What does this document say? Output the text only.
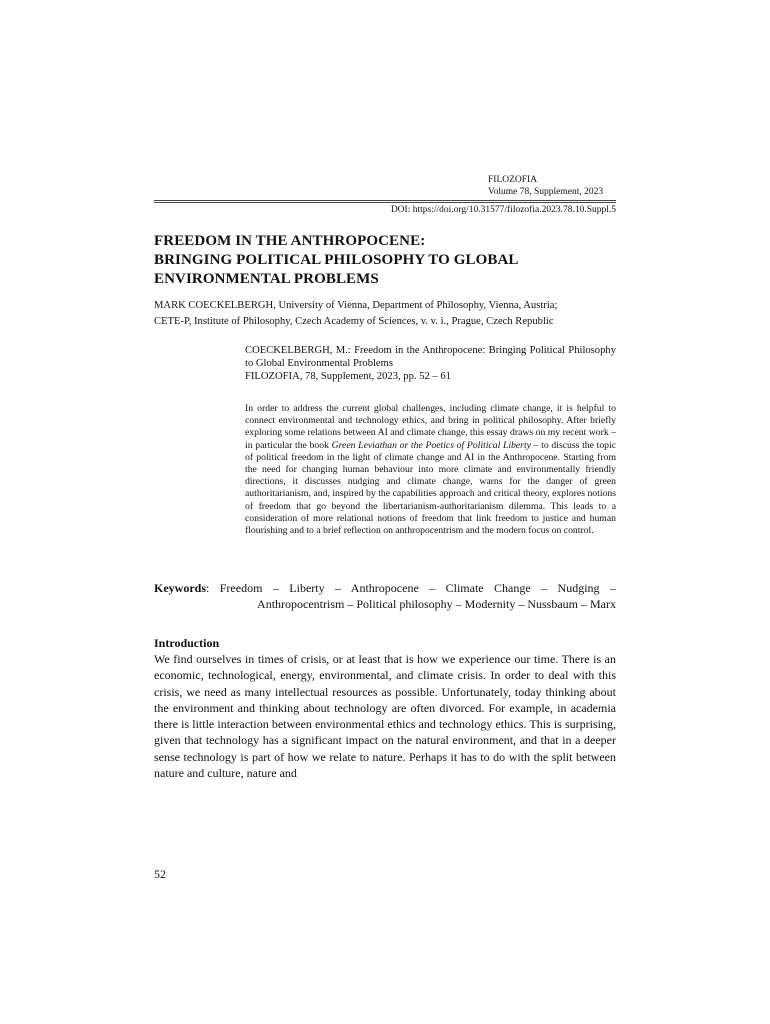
FILOZOFIA
Volume 78, Supplement, 2023
DOI: https://doi.org/10.31577/filozofia.2023.78.10.Suppl.5
FREEDOM IN THE ANTHROPOCENE:
BRINGING POLITICAL PHILOSOPHY TO GLOBAL
ENVIRONMENTAL PROBLEMS
MARK COECKELBERGH, University of Vienna, Department of Philosophy, Vienna, Austria;
CETE-P, Institute of Philosophy, Czech Academy of Sciences, v. v. i., Prague, Czech Republic
COECKELBERGH, M.: Freedom in the Anthropocene: Bringing Political Philosophy to Global Environmental Problems
FILOZOFIA, 78, Supplement, 2023, pp. 52 – 61

In order to address the current global challenges, including climate change, it is helpful to connect environmental and technology ethics, and bring in political philosophy. After briefly exploring some relations between AI and climate change, this essay draws on my recent work – in particular the book Green Leviathan or the Poetics of Political Liberty – to discuss the topic of political freedom in the light of climate change and AI in the Anthropocene. Starting from the need for changing human behaviour into more climate and environmentally friendly directions, it discusses nudging and climate change, warns for the danger of green authoritarianism, and, inspired by the capabilities approach and critical theory, explores notions of freedom that go beyond the libertarianism-authoritarianism dilemma. This leads to a consideration of more relational notions of freedom that link freedom to justice and human flourishing and to a brief reflection on anthropocentrism and the modern focus on control.

Keywords: Freedom – Liberty – Anthropocene – Climate Change – Nudging –
Anthropocentrism – Political philosophy – Modernity – Nussbaum – Marx
Introduction

We find ourselves in times of crisis, or at least that is how we experience our time. There is an economic, technological, energy, environmental, and climate crisis. In order to deal with this crisis, we need as many intellectual resources as possible. Unfortunately, today thinking about the environment and thinking about technology are often divorced. For example, in academia there is little interaction between environmental ethics and technology ethics. This is surprising, given that technology has a significant impact on the natural environment, and that in a deeper sense technology is part of how we relate to nature. Perhaps it has to do with the split between nature and culture, nature and

52
